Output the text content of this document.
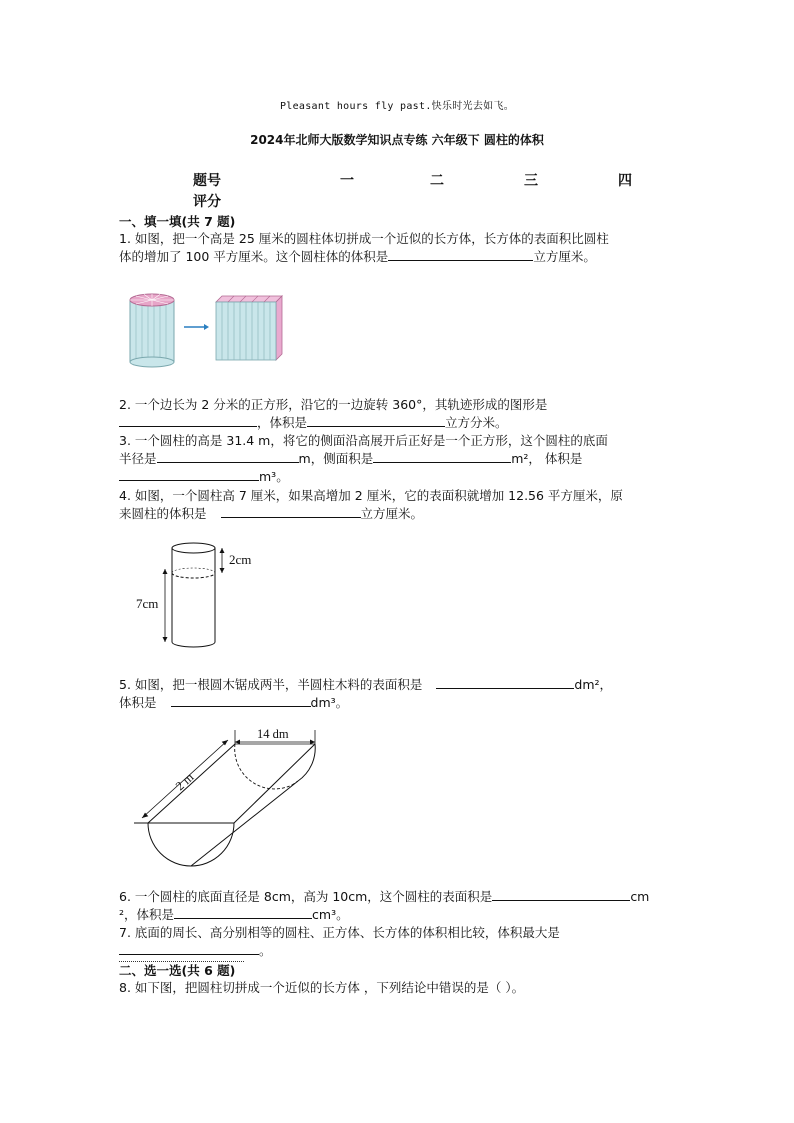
Pleasant hours fly past.快乐时光去如飞。
2024年北师大版数学知识点专练 六年级下 圆柱的体积
题号	一	二	三	四
评分
一、填一填(共 7 题)
1. 如图，把一个高是 25 厘米的圆柱体切拼成一个近似的长方体，长方体的表面积比圆柱
体的增加了 100 平方厘米。这个圆柱体的体积是	立方厘米。
2. 一个边长为 2 分米的正方形，沿它的一边旋转 360°，其轨迹形成的图形是
，体积是	立方分米。
3. 一个圆柱的高是 31.4 m，将它的侧面沿高展开后正好是一个正方形，这个圆柱的底面
半径是	m，侧面积是	m²， 体积是
m³。
4. 如图，一个圆柱高 7 厘米，如果高增加 2 厘米，它的表面积就增加 12.56 平方厘米，原
来圆柱的体积是	立方厘米。
2cm
7cm
5. 如图，把一根圆木锯成两半，半圆柱木料的表面积是	dm²，
体积是	dm³。
14 dm
2 m
6. 一个圆柱的底面直径是 8cm，高为 10cm，这个圆柱的表面积是	cm
²，体积是	cm³。
7. 底面的周长、高分别相等的圆柱、正方体、长方体的体积相比较，体积最大是
。
二、选一选(共 6 题)
8. 如下图，把圆柱切拼成一个近似的长方体 ，下列结论中错误的是（ ）。
